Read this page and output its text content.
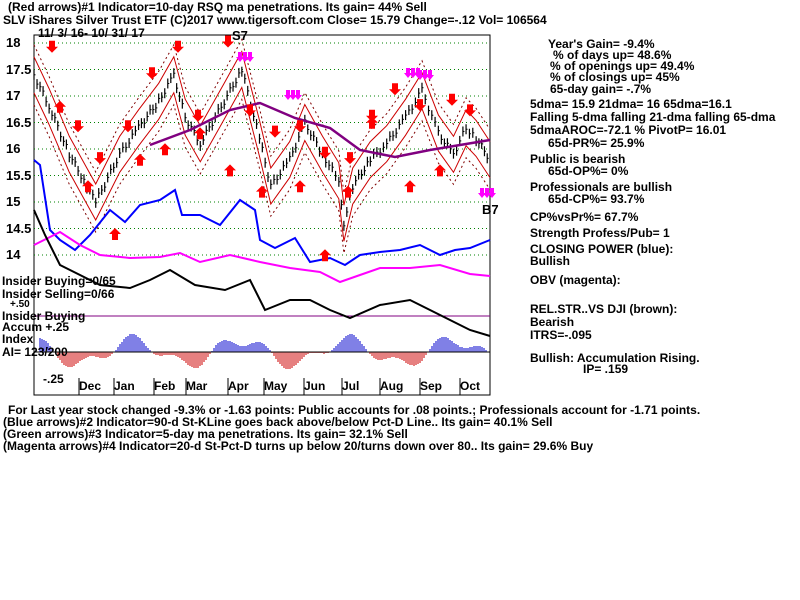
(Red arrows)#1 Indicator=10-day RSQ ma penetrations. Its gain= 44% Sell
SLV iShares Silver Trust ETF (C)2017 www.tigersoft.com Close= 15.79 Change=-.12 Vol= 106564
11/ 3/ 16- 10/ 31/ 17
18
17.5
17
16.5
16
15.5
15
14.5
14
S7
B7
Insider Buying=0/65
Insider Selling=0/66
+.50
Insider Buying
Accum +.25
Index
AI= 123/200
-.25 Dec Jan Feb Mar Apr May Jun Jul Aug Sep Oct
Year's Gain= -9.4%
% of days up= 48.6%
% of openings up= 49.4%
% of closings up= 45%
65-day gain= -.7%
5dma= 15.9 21dma= 16 65dma=16.1
Falling 5-dma falling 21-dma falling 65-dma
5dmaAROC=-72.1 % PivotP= 16.01
65d-PR%= 25.9%
Public is bearish
65d-OP%= 0%
Professionals are bullish
65d-CP%= 93.7%
CP%vsPr%= 67.7%
Strength Profess/Pub= 1
CLOSING POWER (blue):
Bullish
OBV (magenta):
REL.STR..VS DJI (brown):
Bearish
ITRS=-.095
Bullish: Accumulation Rising.
IP= .159
For Last year stock changed -9.3% or -1.63 points: Public accounts for .08 points.; Professionals account for -1.71 points.
(Blue arrows)#2 Indicator=90-d St-KLine goes back above/below Pct-D Line.. Its gain= 40.1% Sell
(Green arrows)#3 Indicator=5-day ma penetrations. Its gain= 32.1% Sell
(Magenta arrows)#4 Indicator=20-d St-Pct-D turns up below 20/turns down over 80.. Its gain= 29.6% Buy
